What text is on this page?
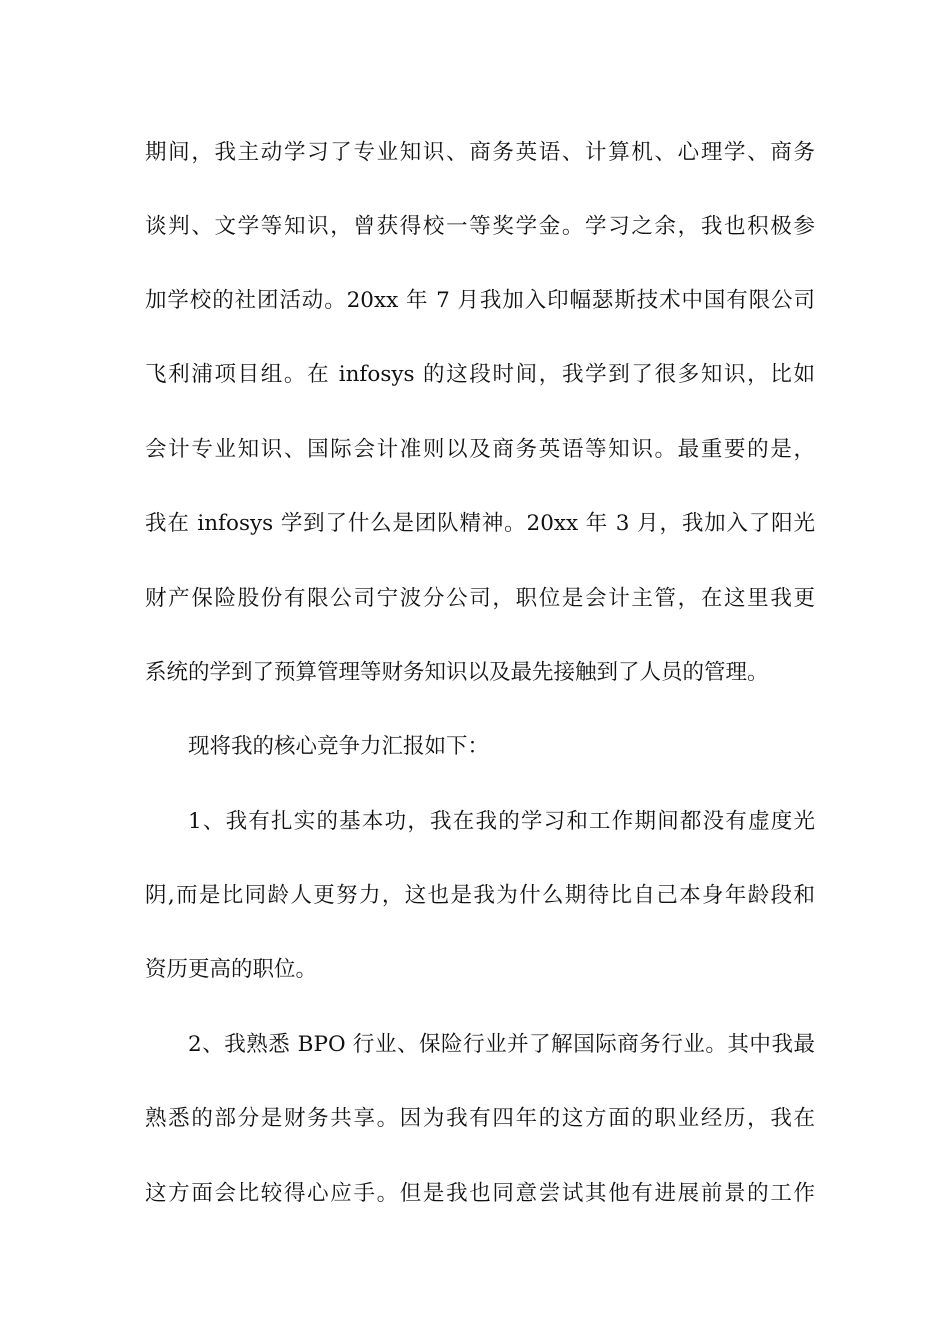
期间，我主动学习了专业知识、商务英语、计算机、心理学、商务
谈判、文学等知识，曾获得校一等奖学金。学习之余，我也积极参
加学校的社团活动。20xx 年 7 月我加入印幅瑟斯技术中国有限公司
飞利浦项目组。在 infosys 的这段时间，我学到了很多知识，比如
会计专业知识、国际会计准则以及商务英语等知识。最重要的是，
我在 infosys 学到了什么是团队精神。20xx 年 3 月，我加入了阳光
财产保险股份有限公司宁波分公司，职位是会计主管，在这里我更
系统的学到了预算管理等财务知识以及最先接触到了人员的管理。
现将我的核心竞争力汇报如下：
1、我有扎实的基本功，我在我的学习和工作期间都没有虚度光
阴,而是比同龄人更努力，这也是我为什么期待比自己本身年龄段和
资历更高的职位。
2、我熟悉 BPO 行业、保险行业并了解国际商务行业。其中我最
熟悉的部分是财务共享。因为我有四年的这方面的职业经历，我在
这方面会比较得心应手。但是我也同意尝试其他有进展前景的工作
